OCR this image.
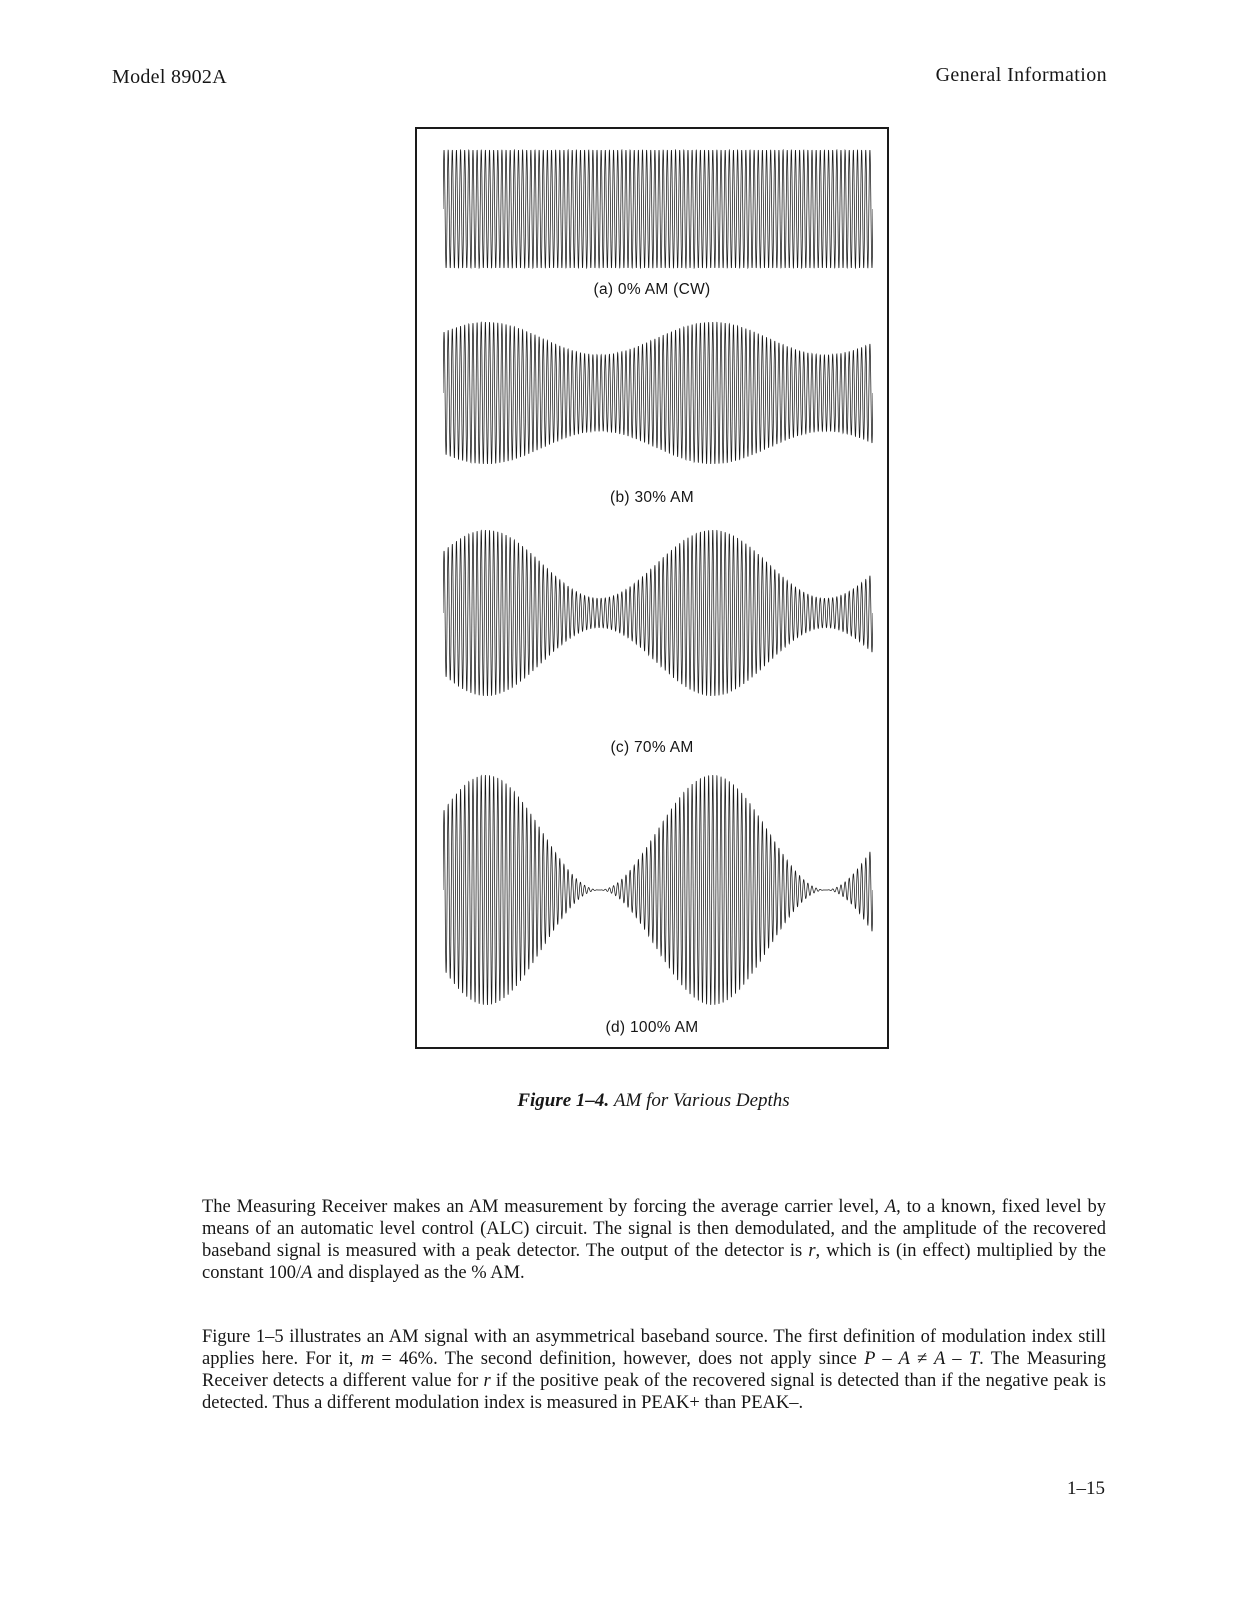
Model 8902A	General Information
(a) 0% AM (CW)
(b) 30% AM
(c) 70% AM
(d) 100% AM
Figure 1–4. AM for Various Depths

The Measuring Receiver makes an AM measurement by forcing the average carrier level, A, to a known, fixed level by means of an automatic level control (ALC) circuit. The signal is then demodulated, and the amplitude of the recovered baseband signal is measured with a peak detector. The output of the detector is r, which is (in effect) multiplied by the constant 100/A and displayed as the % AM.

Figure 1–5 illustrates an AM signal with an asymmetrical baseband source. The first definition of modulation index still applies here. For it, m = 46%. The second definition, however, does not apply since P – A ≠ A – T. The Measuring Receiver detects a different value for r if the positive peak of the recovered signal is detected than if the negative peak is detected. Thus a different modulation index is measured in PEAK+ than PEAK–.

1–15
